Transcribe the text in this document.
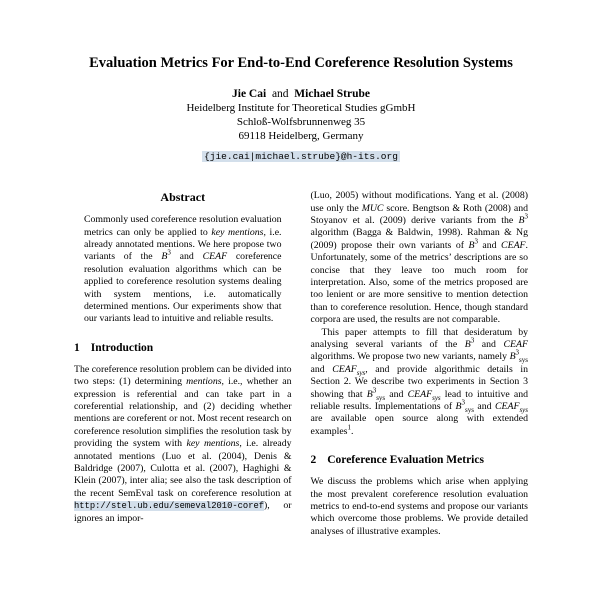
Evaluation Metrics For End-to-End Coreference Resolution Systems
Jie Cai  and  Michael Strube
Heidelberg Institute for Theoretical Studies gGmbH
Schloß-Wolfsbrunnenweg 35
69118 Heidelberg, Germany
{jie.cai|michael.strube}@h-its.org
Abstract

Commonly used coreference resolution evaluation metrics can only be applied to key mentions, i.e. already annotated mentions. We here propose two variants of the $B^3$ and CEAF coreference resolution evaluation algorithms which can be applied to coreference resolution systems dealing with system mentions, i.e. automatically determined mentions. Our experiments show that our variants lead to intuitive and reliable results.

1 Introduction

The coreference resolution problem can be divided into two steps: (1) determining mentions, i.e., whether an expression is referential and can take part in a coreferential relationship, and (2) deciding whether mentions are coreferent or not. Most recent research on coreference resolution simplifies the resolution task by providing the system with key mentions, i.e. already annotated mentions (Luo et al. (2004), Denis & Baldridge (2007), Culotta et al. (2007), Haghighi & Klein (2007), inter alia; see also the task description of the recent SemEval task on coreference resolution at http://stel.ub.edu/semeval2010-coref), or ignores an impor-

(Luo, 2005) without modifications. Yang et al. (2008) use only the MUC score. Bengtson & Roth (2008) and Stoyanov et al. (2009) derive variants from the $B^3$ algorithm (Bagga & Baldwin, 1998). Rahman & Ng (2009) propose their own variants of $B^3$ and CEAF. Unfortunately, some of the metrics’ descriptions are so concise that they leave too much room for interpretation. Also, some of the metrics proposed are too lenient or are more sensitive to mention detection than to coreference resolution. Hence, though standard corpora are used, the results are not comparable.

This paper attempts to fill that desideratum by analysing several variants of the $B^3$ and CEAF algorithms. We propose two new variants, namely $B^3_{sys}$ and $CEAF_{sys}$, and provide algorithmic details in Section 2. We describe two experiments in Section 3 showing that $B^3_{sys}$ and $CEAF_{sys}$ lead to intuitive and reliable results. Implementations of $B^3_{sys}$ and $CEAF_{sys}$ are available open source along with extended examples$^1$.

2 Coreference Evaluation Metrics

We discuss the problems which arise when applying the most prevalent coreference resolution evaluation metrics to end-to-end systems and propose our variants which overcome those problems. We provide detailed analyses of illustrative examples.
